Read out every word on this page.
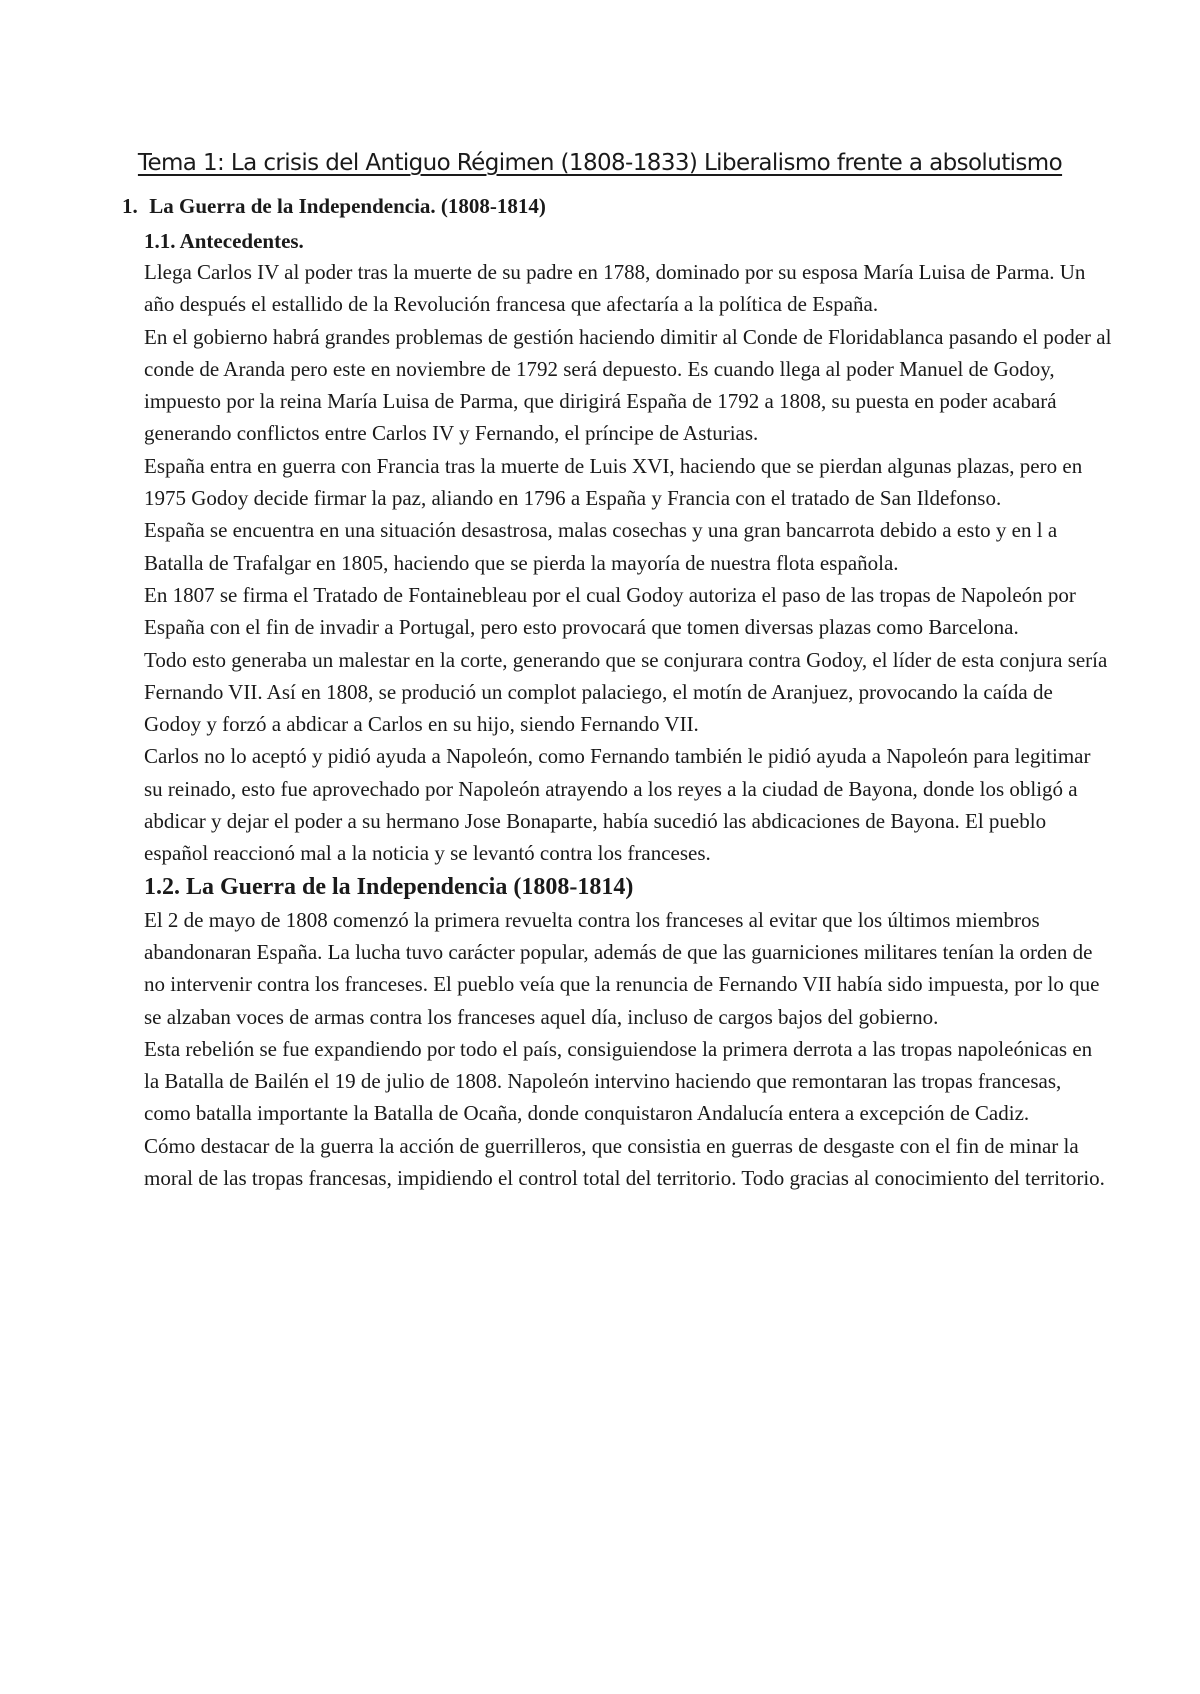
Tema 1: La crisis del Antiguo Régimen (1808-1833) Liberalismo frente a absolutismo
1. La Guerra de la Independencia. (1808-1814)
1.1. Antecedentes.

Llega Carlos IV al poder tras la muerte de su padre en 1788, dominado por su esposa María Luisa de Parma. Un año después el estallido de la Revolución francesa que afectaría a la política de España.

En el gobierno habrá grandes problemas de gestión haciendo dimitir al Conde de Floridablanca pasando el poder al conde de Aranda pero este en noviembre de 1792 será depuesto. Es cuando llega al poder Manuel de Godoy, impuesto por la reina María Luisa de Parma, que dirigirá España de 1792 a 1808, su puesta en poder acabará generando conflictos entre Carlos IV y Fernando, el príncipe de Asturias.

España entra en guerra con Francia tras la muerte de Luis XVI, haciendo que se pierdan algunas plazas, pero en 1975 Godoy decide firmar la paz, aliando en 1796 a España y Francia con el tratado de San Ildefonso.

España se encuentra en una situación desastrosa, malas cosechas y una gran bancarrota debido a esto y en l a Batalla de Trafalgar en 1805, haciendo que se pierda la mayoría de nuestra flota española.

En 1807 se firma el Tratado de Fontainebleau por el cual Godoy autoriza el paso de las tropas de Napoleón por España con el fin de invadir a Portugal, pero esto provocará que tomen diversas plazas como Barcelona.

Todo esto generaba un malestar en la corte, generando que se conjurara contra Godoy, el líder de esta conjura sería Fernando VII. Así en 1808, se produció un complot palaciego, el motín de Aranjuez, provocando la caída de Godoy y forzó a abdicar a Carlos en su hijo, siendo Fernando VII.

Carlos no lo aceptó y pidió ayuda a Napoleón, como Fernando también le pidió ayuda a Napoleón para legitimar su reinado, esto fue aprovechado por Napoleón atrayendo a los reyes a la ciudad de Bayona, donde los obligó a abdicar y dejar el poder a su hermano Jose Bonaparte, había sucedió las abdicaciones de Bayona. El pueblo español reaccionó mal a la noticia y se levantó contra los franceses.

1.2. La Guerra de la Independencia (1808-1814)

El 2 de mayo de 1808 comenzó la primera revuelta contra los franceses al evitar que los últimos miembros abandonaran España. La lucha tuvo carácter popular, además de que las guarniciones militares tenían la orden de no intervenir contra los franceses. El pueblo veía que la renuncia de Fernando VII había sido impuesta, por lo que se alzaban voces de armas contra los franceses aquel día, incluso de cargos bajos del gobierno.

Esta rebelión se fue expandiendo por todo el país, consiguiendose la primera derrota a las tropas napoleónicas en la Batalla de Bailén el 19 de julio de 1808. Napoleón intervino haciendo que remontaran las tropas francesas, como batalla importante la Batalla de Ocaña, donde conquistaron Andalucía entera a excepción de Cadiz.

Cómo destacar de la guerra la acción de guerrilleros, que consistia en guerras de desgaste con el fin de minar la moral de las tropas francesas, impidiendo el control total del territorio. Todo gracias al conocimiento del territorio.
